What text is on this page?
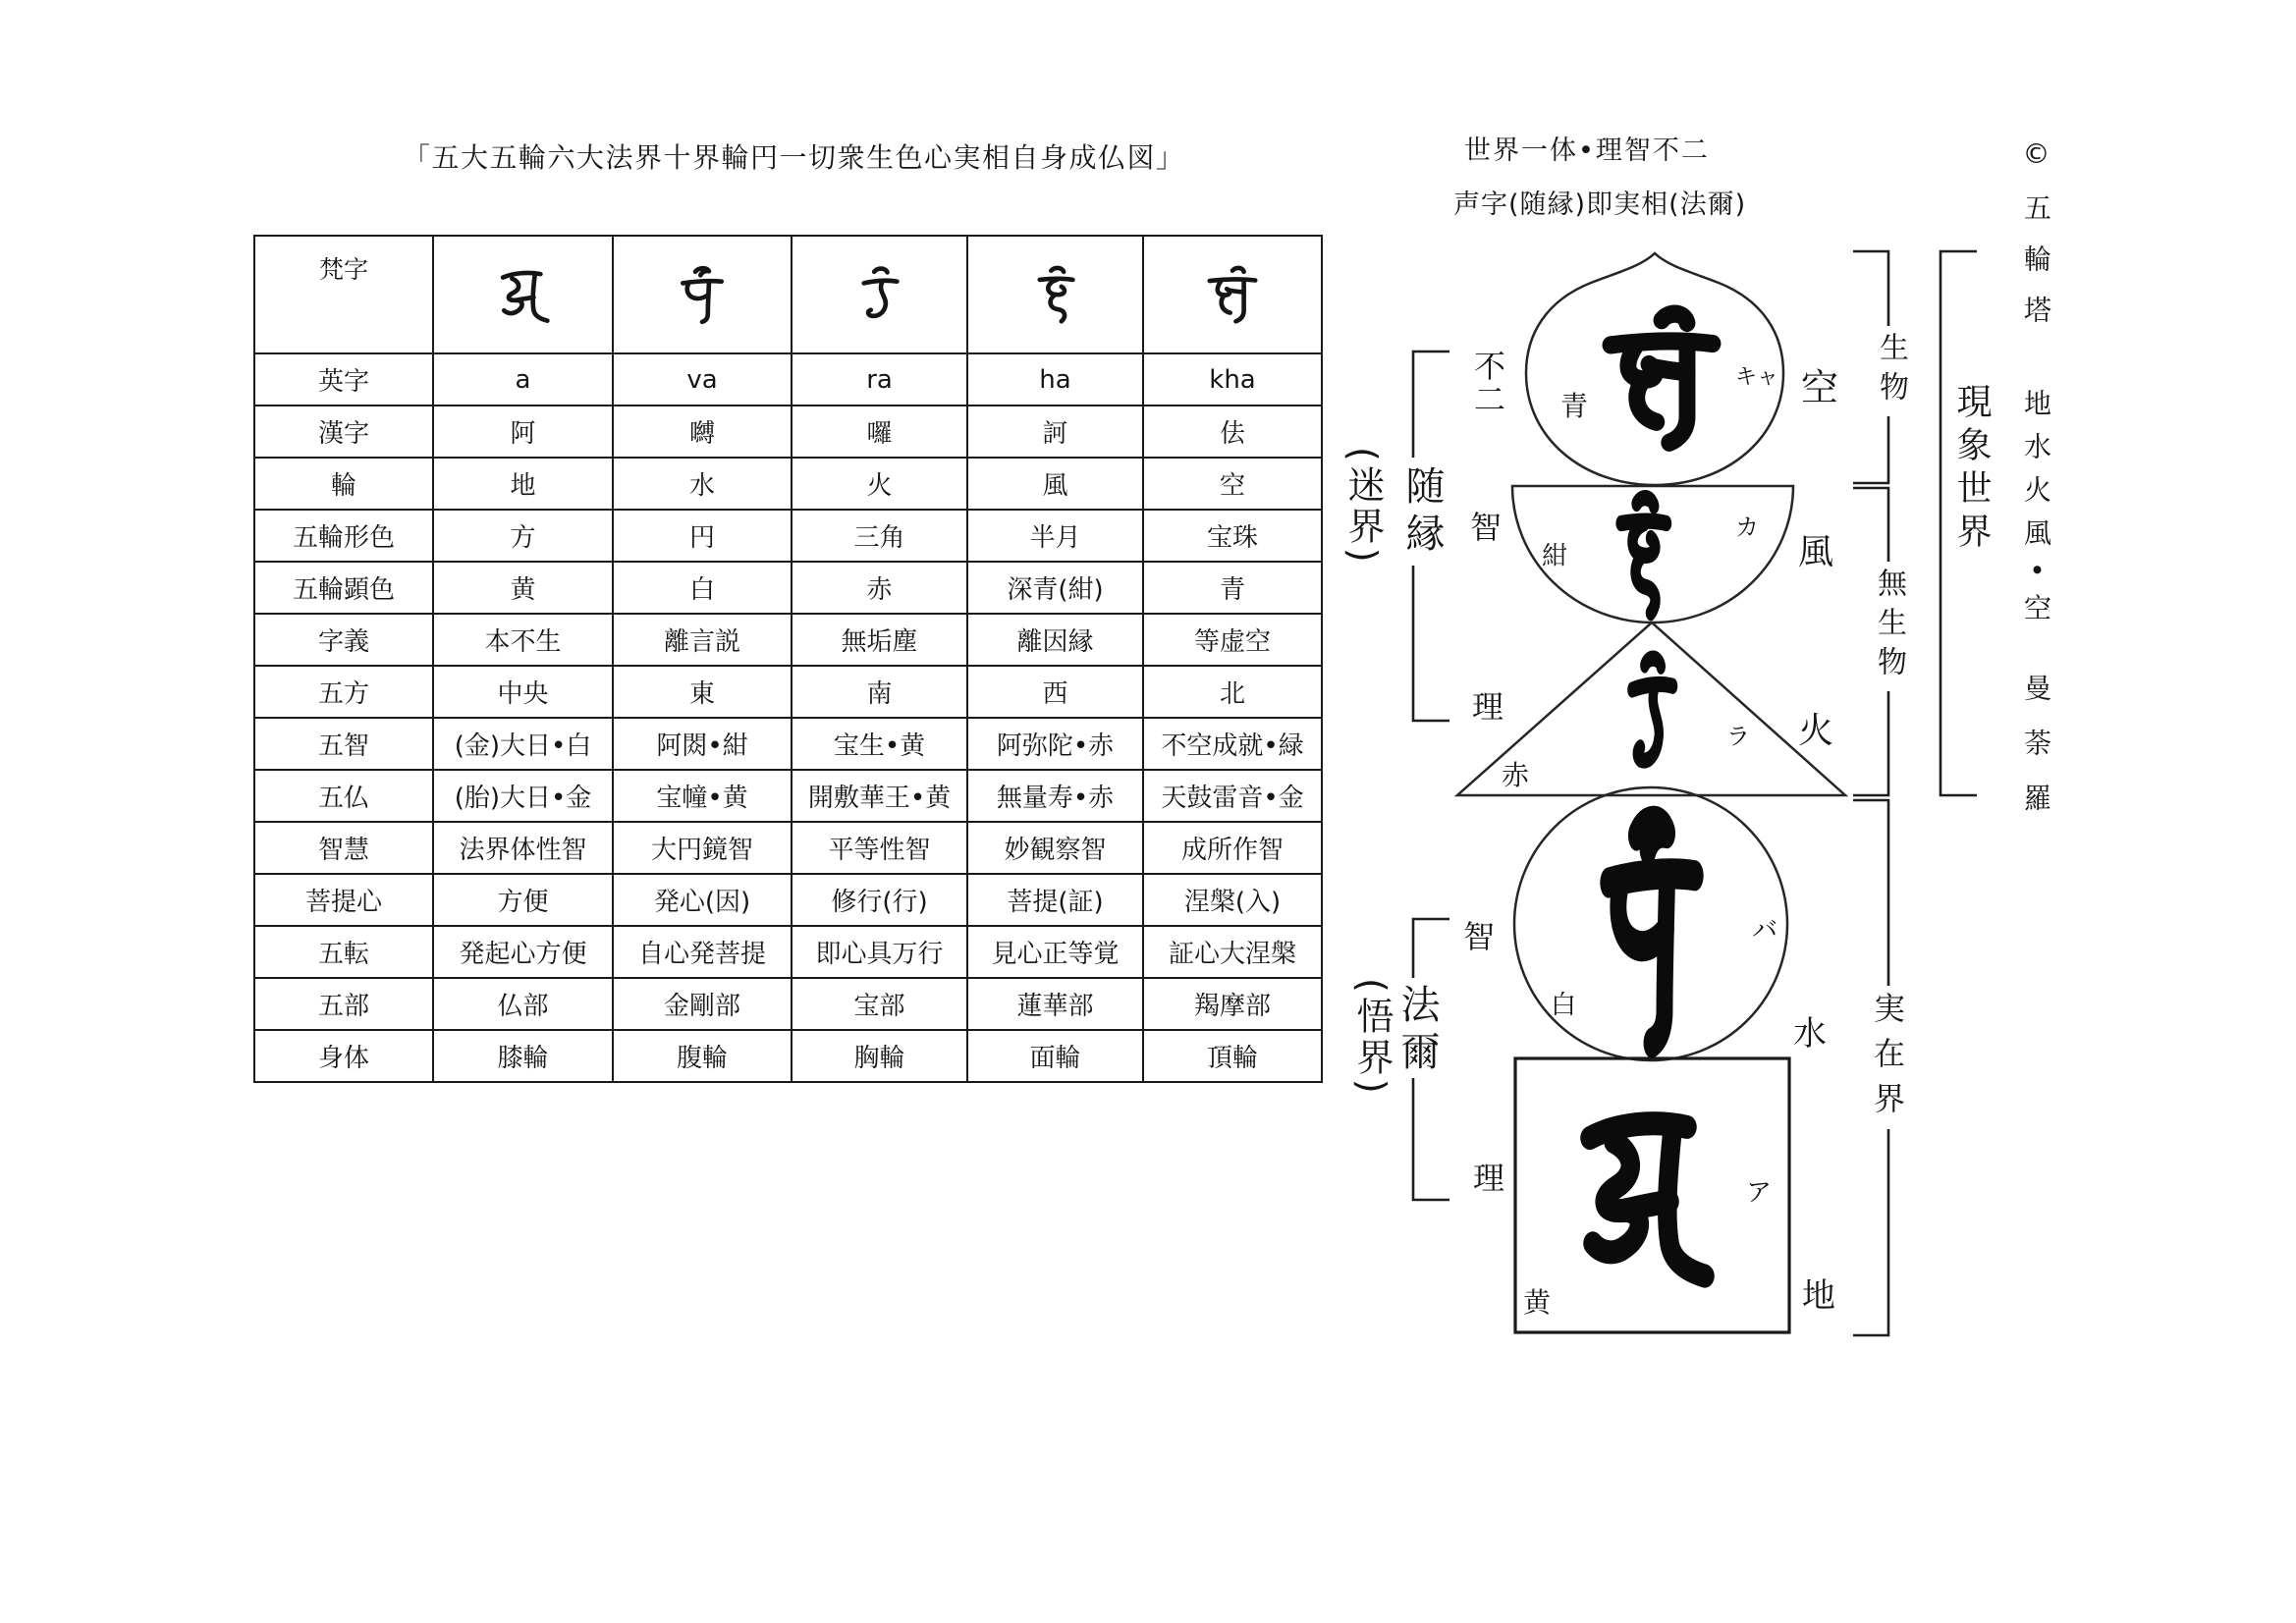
「五大五輪六大法界十界輪円一切衆生色心実相自身成仏図」
梵字	

英字	a	va	ra	ha	kha
漢字	阿	嚩	囉	訶	佉
輪	地	水	火	風	空
五輪形色	方	円	三角	半月	宝珠
五輪顕色	黄	白	赤	深青(紺)	青
字義	本不生	離言説	無垢塵	離因縁	等虚空
五方	中央	東	南	西	北
五智	(金)大日•白	阿閦•紺	宝生•黄	阿弥陀•赤	不空成就•緑
五仏	(胎)大日•金	宝幢•黄	開敷華王•黄	無量寿•赤	天鼓雷音•金
智慧	法界体性智	大円鏡智	平等性智	妙観察智	成所作智
菩提心	方便	発心(因)	修行(行)	菩提(証)	涅槃(入)
五転	発起心方便	自心発菩提	即心具万行	見心正等覚	証心大涅槃
五部	仏部	金剛部	宝部	蓮華部	羯摩部
身体	膝輪	腹輪	胸輪	面輪	頂輪
世界一体•理智不二
声字(随縁)即実相(法爾)
随縁
(迷界)
法爾
(悟界)
生物
無生物
現象世界
実在界
不二 青
キャ 空
智
紺
カ
風
理
赤
ラ 火
智
白
バ
水
理
黄
ア
地
©五輪塔
地水火風•空
曼荼羅
